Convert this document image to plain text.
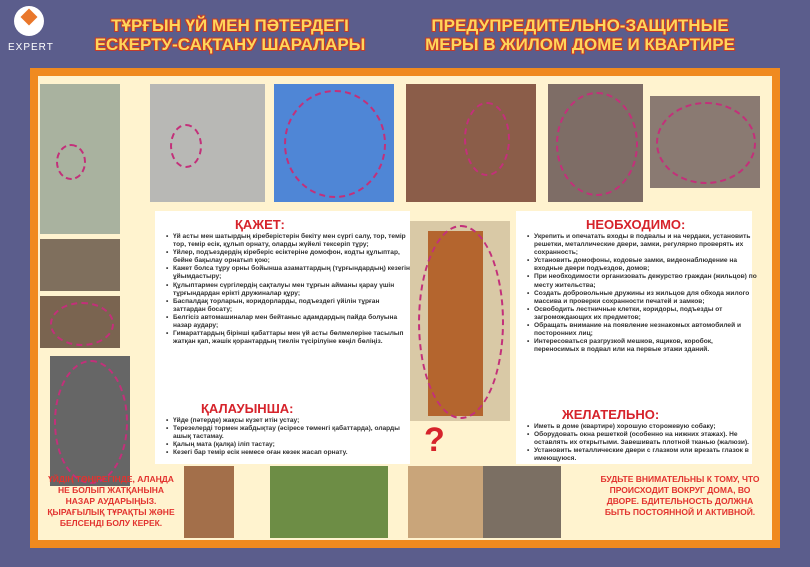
EXPERT
ТҰРҒЫН ҮЙ МЕН ПӘТЕРДЕГІ ЕСКЕРТУ-САҚТАНУ ШАРАЛАРЫ
ПРЕДУПРЕДИТЕЛЬНО-ЗАЩИТНЫЕ МЕРЫ В ЖИЛОМ ДОМЕ И КВАРТИРЕ
ҚАЖЕТ:
• Үй асты мен шатырдың кіреберістерін бекіту мен сүргі салу, тор, темір тор, темір есік, құлып орнату, оларды жүйелі тексеріп тұру;
• Үйлер, подъездердің кіреберіс есіктеріне домофон, кодты құлыптар, бейне бақылау орнатып қою;
• Кажет болса тұру орны бойынша азаматтардың (тұрғындардың) кезегін ұйымдастыру;
• Құлыптармен сүргілердің сақталуы мен тұрғын айманы қарау үшін тұрғындардан ерікті дружиналар құру;
• Баспалдақ торларын, коридорларды, подъездегі үйілін тұрған заттардан босату;
• Белгісіз автомашиналар мен бейтаныс адамдардың пайда болуына назар аудару;
• Гимараттардың бірінші қабаттары мен үй асты бөлмелеріне тасылып жатқан қап, жәшік қорантардың тиелін түсірілуіне көңіл бөліңіз.
ҚАЛАУЫНША:
• Үйде (пәтерде) жақсы күзет итін устау;
• Терезелерді тормен жабдықтау (әсіресе төменгі қабаттарда), оларды ашық тастамау.
• Қалың мата (қалқа) іліп тастау;
• Кезегі бар темір есік немесе оған көзек жасап орнату.
НЕОБХОДИМО:
• Укрепить и опечатать входы в подвалы и на чердаки, установить решетки, металлические двери, замки, регулярно проверять их сохранность;
• Установить домофоны, кодовые замки, видеонаблюдение на входные двери подъездов, домов;
• При необходимости организовать дежурство граждан (жильцов) по месту жительства;
• Создать добровольные дружины из жильцов для обхода жилого массива и проверки сохранности печатей и замков;
• Освободить лестничные клетки, коридоры, подъезды от загромождающих их предметов;
• Обращать внимание на появление незнакомых автомобилей и посторонних лиц;
• Интересоваться разгрузкой мешков, ящиков, коробок, переносимых в подвал или на первые этажи зданий.
ЖЕЛАТЕЛЬНО:
• Иметь в доме (квартире) хорошую сторожевую собаку;
• Оборудовать окна решеткой (особенно на нижних этажах). Не оставлять их открытыми. Завешивать плотной тканью (жалюзи).
• Установить металлические двери с глазком или врезать глазок в имеющуюся.
ҮЙДІҢ ТӨҢІРЕГІНДЕ, АЛАҢДА НЕ БОЛЫП ЖАТҚАНЫНА НАЗАР АУДАРЫҢЫЗ. ҚЫРАҒЫЛЫҚ ТҰРАҚТЫ ЖӘНЕ БЕЛСЕНДІ БОЛУ КЕРЕК.
?
БУДЬТЕ ВНИМАТЕЛЬНЫ К ТОМУ, ЧТО ПРОИСХОДИТ ВОКРУГ ДОМА, ВО ДВОРЕ. БДИТЕЛЬНОСТЬ ДОЛЖНА БЫТЬ ПОСТОЯННОЙ И АКТИВНОЙ.
